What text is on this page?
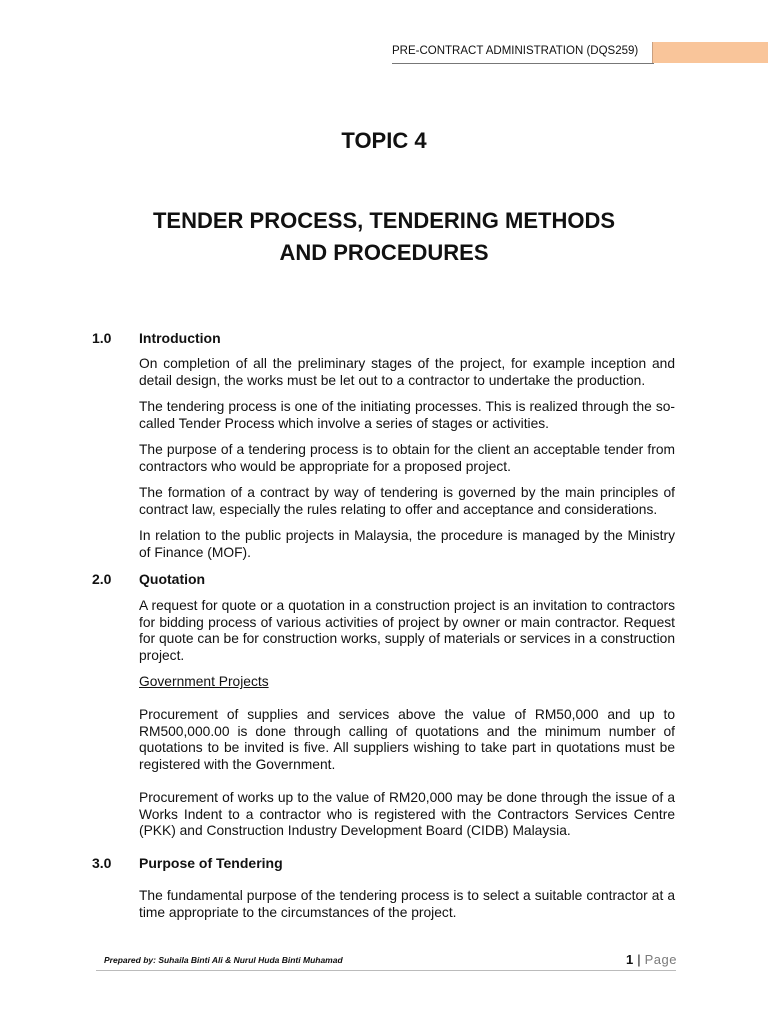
PRE-CONTRACT ADMINISTRATION (DQS259)
TOPIC 4
TENDER PROCESS, TENDERING METHODS
AND PROCEDURES
1.0 Introduction

On completion of all the preliminary stages of the project, for example inception and detail design, the works must be let out to a contractor to undertake the production.

The tendering process is one of the initiating processes. This is realized through the so-called Tender Process which involve a series of stages or activities.

The purpose of a tendering process is to obtain for the client an acceptable tender from contractors who would be appropriate for a proposed project.

The formation of a contract by way of tendering is governed by the main principles of contract law, especially the rules relating to offer and acceptance and considerations.

In relation to the public projects in Malaysia, the procedure is managed by the Ministry of Finance (MOF).

2.0 Quotation

A request for quote or a quotation in a construction project is an invitation to contractors for bidding process of various activities of project by owner or main contractor. Request for quote can be for construction works, supply of materials or services in a construction project.

Government Projects

Procurement of supplies and services above the value of RM50,000 and up to RM500,000.00 is done through calling of quotations and the minimum number of quotations to be invited is five. All suppliers wishing to take part in quotations must be registered with the Government.

Procurement of works up to the value of RM20,000 may be done through the issue of a Works Indent to a contractor who is registered with the Contractors Services Centre (PKK) and Construction Industry Development Board (CIDB) Malaysia.

3.0 Purpose of Tendering

The fundamental purpose of the tendering process is to select a suitable contractor at a time appropriate to the circumstances of the project.

Prepared by: Suhaila Binti Ali & Nurul Huda Binti Muhamad	1 | Page
